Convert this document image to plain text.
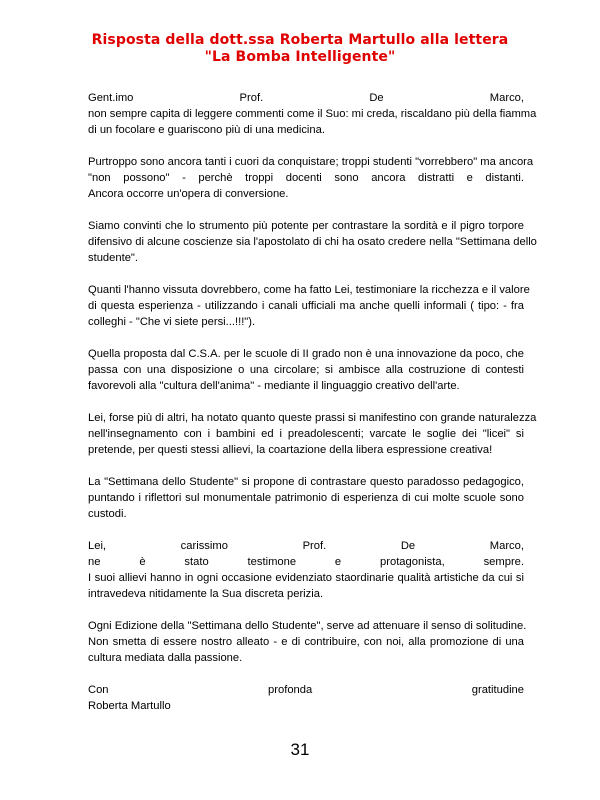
Risposta della dott.ssa Roberta Martullo alla lettera
"La Bomba Intelligente"
Gent.imo Prof. De Marco,
non sempre capita di leggere commenti come il Suo: mi creda, riscaldano più della fiamma
di un focolare e guariscono più di una medicina.
Purtroppo sono ancora tanti i cuori da conquistare; troppi studenti "vorrebbero" ma ancora
"non possono" - perchè troppi docenti sono ancora distratti e distanti.
Ancora occorre un'opera di conversione.
Siamo convinti che lo strumento più potente per contrastare la sordità e il pigro torpore
difensivo di alcune coscienze sia l'apostolato di chi ha osato credere nella "Settimana dello
studente".
Quanti l'hanno vissuta dovrebbero, come ha fatto Lei, testimoniare la ricchezza e il valore
di questa esperienza - utilizzando i canali ufficiali ma anche quelli informali ( tipo: - fra
colleghi - "Che vi siete persi...!!!").
Quella proposta dal C.S.A. per le scuole di II grado non è una innovazione da poco, che
passa con una disposizione o una circolare; si ambisce alla costruzione di contesti
favorevoli alla "cultura dell'anima" - mediante il linguaggio creativo dell'arte.
Lei, forse più di altri, ha notato quanto queste prassi si manifestino con grande naturalezza
nell'insegnamento con i bambini ed i preadolescenti; varcate le soglie dei "licei" si
pretende, per questi stessi allievi, la coartazione della libera espressione creativa!
La "Settimana dello Studente" si propone di contrastare questo paradosso pedagogico,
puntando i riflettori sul monumentale patrimonio di esperienza di cui molte scuole sono
custodi.
Lei, carissimo Prof. De Marco,
ne è stato testimone e protagonista, sempre.
I suoi allievi hanno in ogni occasione evidenziato staordinarie qualità artistiche da cui si
intravedeva nitidamente la Sua discreta perizia.
Ogni Edizione della "Settimana dello Studente", serve ad attenuare il senso di solitudine.
Non smetta di essere nostro alleato - e di contribuire, con noi, alla promozione di una
cultura mediata dalla passione.
Con profonda gratitudine
Roberta Martullo
31
